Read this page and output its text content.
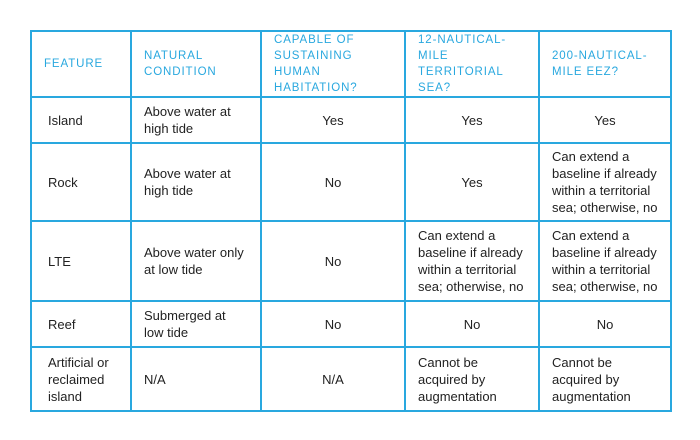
FEATURE	NATURAL CONDITION	CAPABLE OF SUSTAINING HUMAN HABITATION?	12-NAUTICAL-MILE TERRITORIAL SEA?	200-NAUTICAL-MILE EEZ?
Island	Above water at high tide	Yes	Yes	Yes
Rock	Above water at high tide	No	Yes	Can extend a baseline if already within a territorial sea; otherwise, no
LTE	Above water only at low tide	No	Can extend a baseline if already within a territorial sea; otherwise, no	Can extend a baseline if already within a territorial sea; otherwise, no
Reef	Submerged at low tide	No	No	No
Artificial or reclaimed island	N/A	N/A	Cannot be acquired by augmentation	Cannot be acquired by augmentation
